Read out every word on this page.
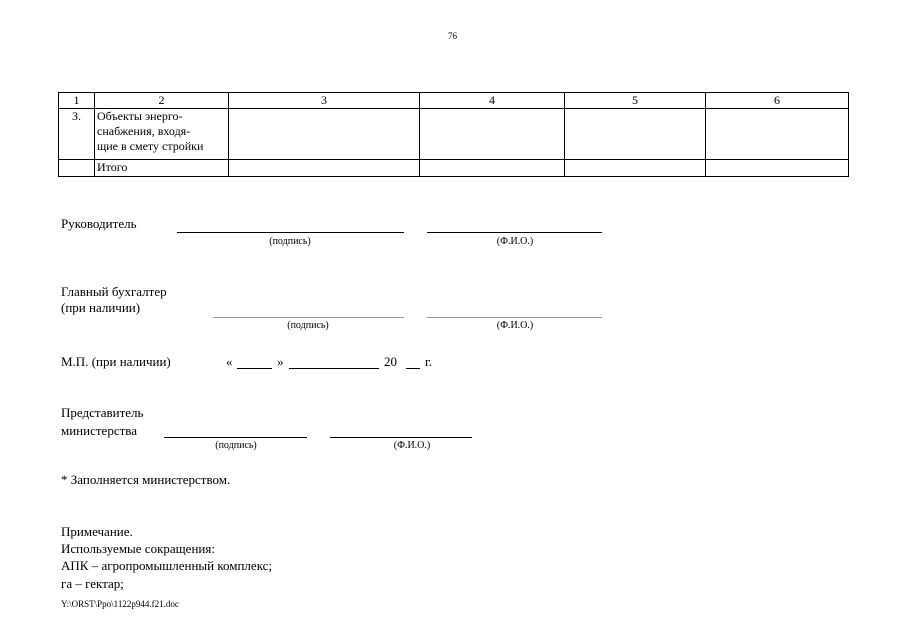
76
1	2	3	4	5	6
3.	Объекты энерго-
снабжения, входя-
щие в смету стройки				

	Итого				
Руководитель
(подпись)	(Ф.И.О.)
Главный бухгалтер
(при наличии)
(подпись)	(Ф.И.О.)
М.П. (при наличии)	«	»	20 г.
Представитель
министерства
(подпись)	(Ф.И.О.)
* Заполняется министерством.
Примечание.
Используемые сокращения:
АПК – агропромышленный комплекс;
га – гектар;
Y:\ORST\Ppo\1122p944.f21.doc
